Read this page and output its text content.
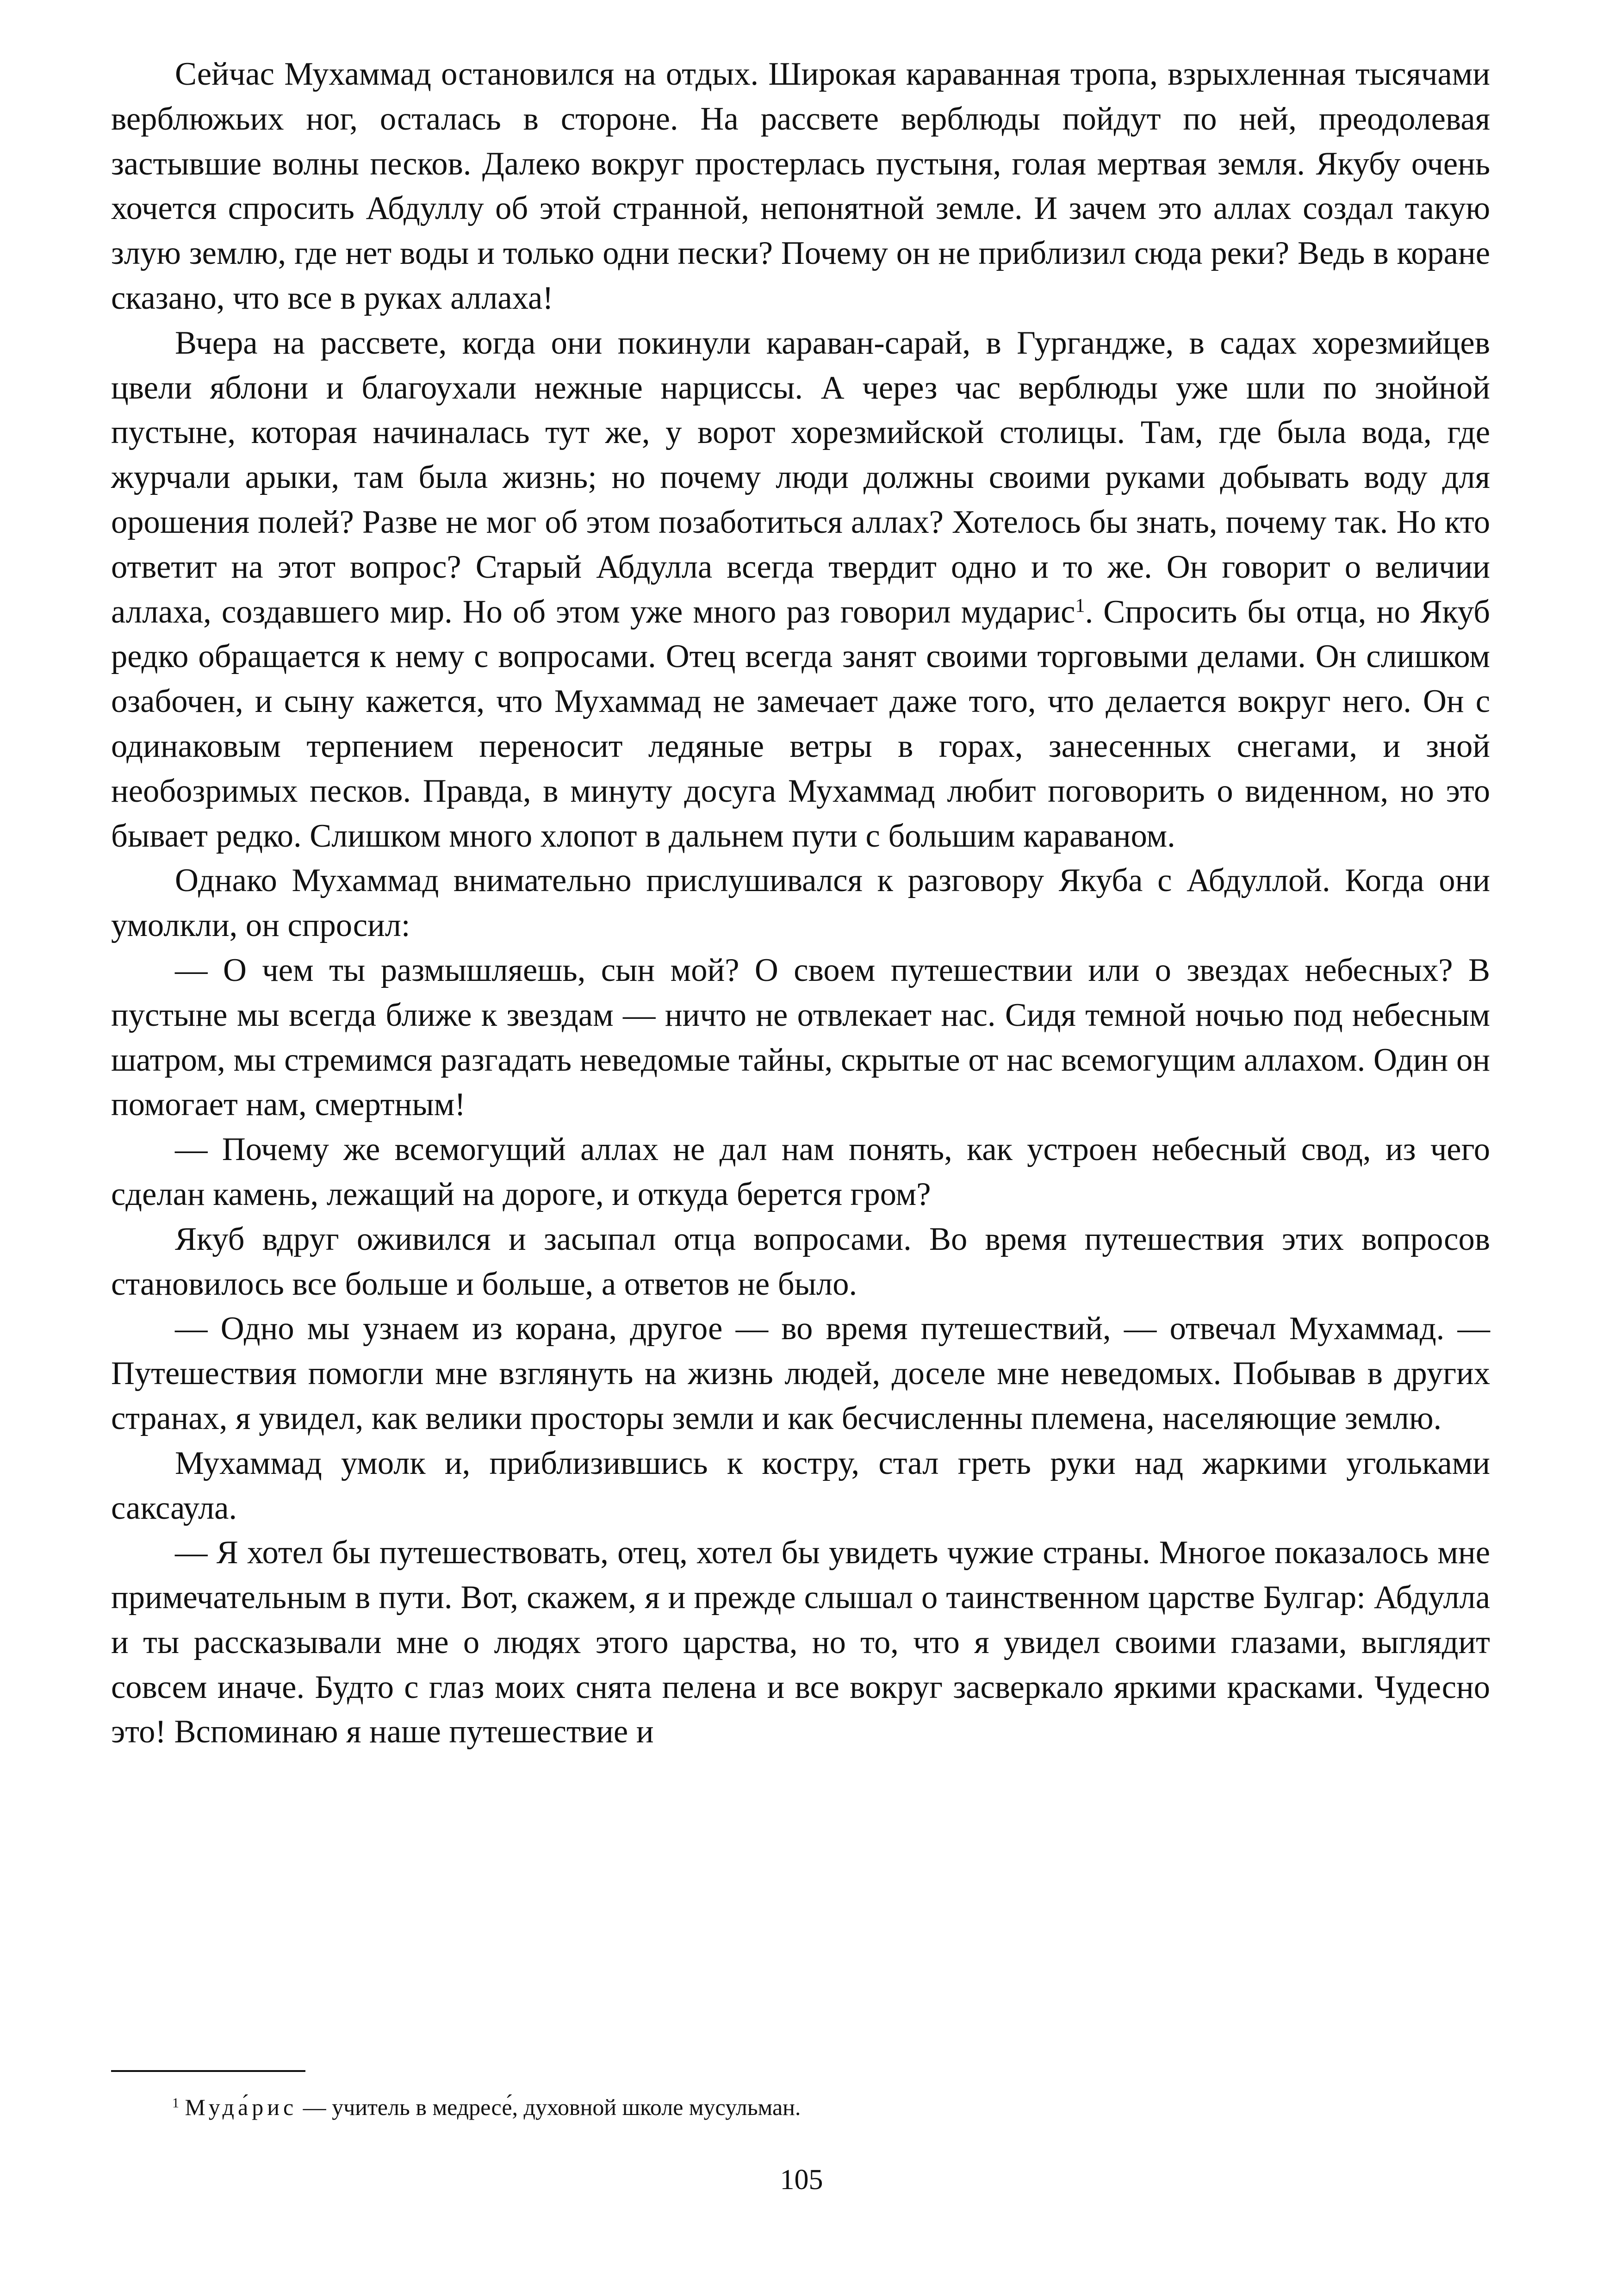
Сейчас Мухаммад остановился на отдых. Широкая караванная тропа, взрыхленная тысячами верблюжьих ног, осталась в стороне. На рассвете верблюды пойдут по ней, преодолевая застывшие волны песков. Далеко вокруг простерлась пустыня, голая мертвая земля. Якубу очень хочется спросить Абдуллу об этой странной, непонятной земле. И зачем это аллах создал такую злую землю, где нет воды и только одни пески? Почему он не приблизил сюда реки? Ведь в коране сказано, что все в руках аллаха!

Вчера на рассвете, когда они покинули караван-сарай, в Гургандже, в садах хорезмийцев цвели яблони и благоухали нежные нарциссы. А через час верблюды уже шли по знойной пустыне, которая начиналась тут же, у ворот хорезмийской столицы. Там, где была вода, где журчали арыки, там была жизнь; но почему люди должны своими руками добывать воду для орошения полей? Разве не мог об этом позаботиться аллах? Хотелось бы знать, почему так. Но кто ответит на этот вопрос? Старый Абдулла всегда твердит одно и то же. Он говорит о величии аллаха, создавшего мир. Но об этом уже много раз говорил мударис$^1$. Спросить бы отца, но Якуб редко обращается к нему с вопросами. Отец всегда занят своими торговыми делами. Он слишком озабочен, и сыну кажется, что Мухаммад не замечает даже того, что делается вокруг него. Он с одинаковым терпением переносит ледяные ветры в горах, занесенных снегами, и зной необозримых песков. Правда, в минуту досуга Мухаммад любит поговорить о виденном, но это бывает редко. Слишком много хлопот в дальнем пути с большим караваном.

Однако Мухаммад внимательно прислушивался к разговору Якуба с Абдуллой. Когда они умолкли, он спросил:

— О чем ты размышляешь, сын мой? О своем путешествии или о звездах небесных? В пустыне мы всегда ближе к звездам — ничто не отвлекает нас. Сидя темной ночью под небесным шатром, мы стремимся разгадать неведомые тайны, скрытые от нас всемогущим аллахом. Один он помогает нам, смертным!

— Почему же всемогущий аллах не дал нам понять, как устроен небесный свод, из чего сделан камень, лежащий на дороге, и откуда берется гром?

Якуб вдруг оживился и засыпал отца вопросами. Во время путешествия этих вопросов становилось все больше и больше, а ответов не было.

— Одно мы узнаем из корана, другое — во время путешествий, — отвечал Мухаммад. — Путешествия помогли мне взглянуть на жизнь людей, доселе мне неведомых. Побывав в других странах, я увидел, как велики просторы земли и как бесчисленны племена, населяющие землю.

Мухаммад умолк и, приблизившись к костру, стал греть руки над жаркими угольками саксаула.

— Я хотел бы путешествовать, отец, хотел бы увидеть чужие страны. Многое показалось мне примечательным в пути. Вот, скажем, я и прежде слышал о таинственном царстве Булгар: Абдулла и ты рассказывали мне о людях этого царства, но то, что я увидел своими глазами, выглядит совсем иначе. Будто с глаз моих снята пелена и все вокруг засверкало яркими красками. Чудесно это! Вспоминаю я наше путешествие и

$^1$ Муда́рис — учитель в медресе́, духовной школе мусульман.
105
